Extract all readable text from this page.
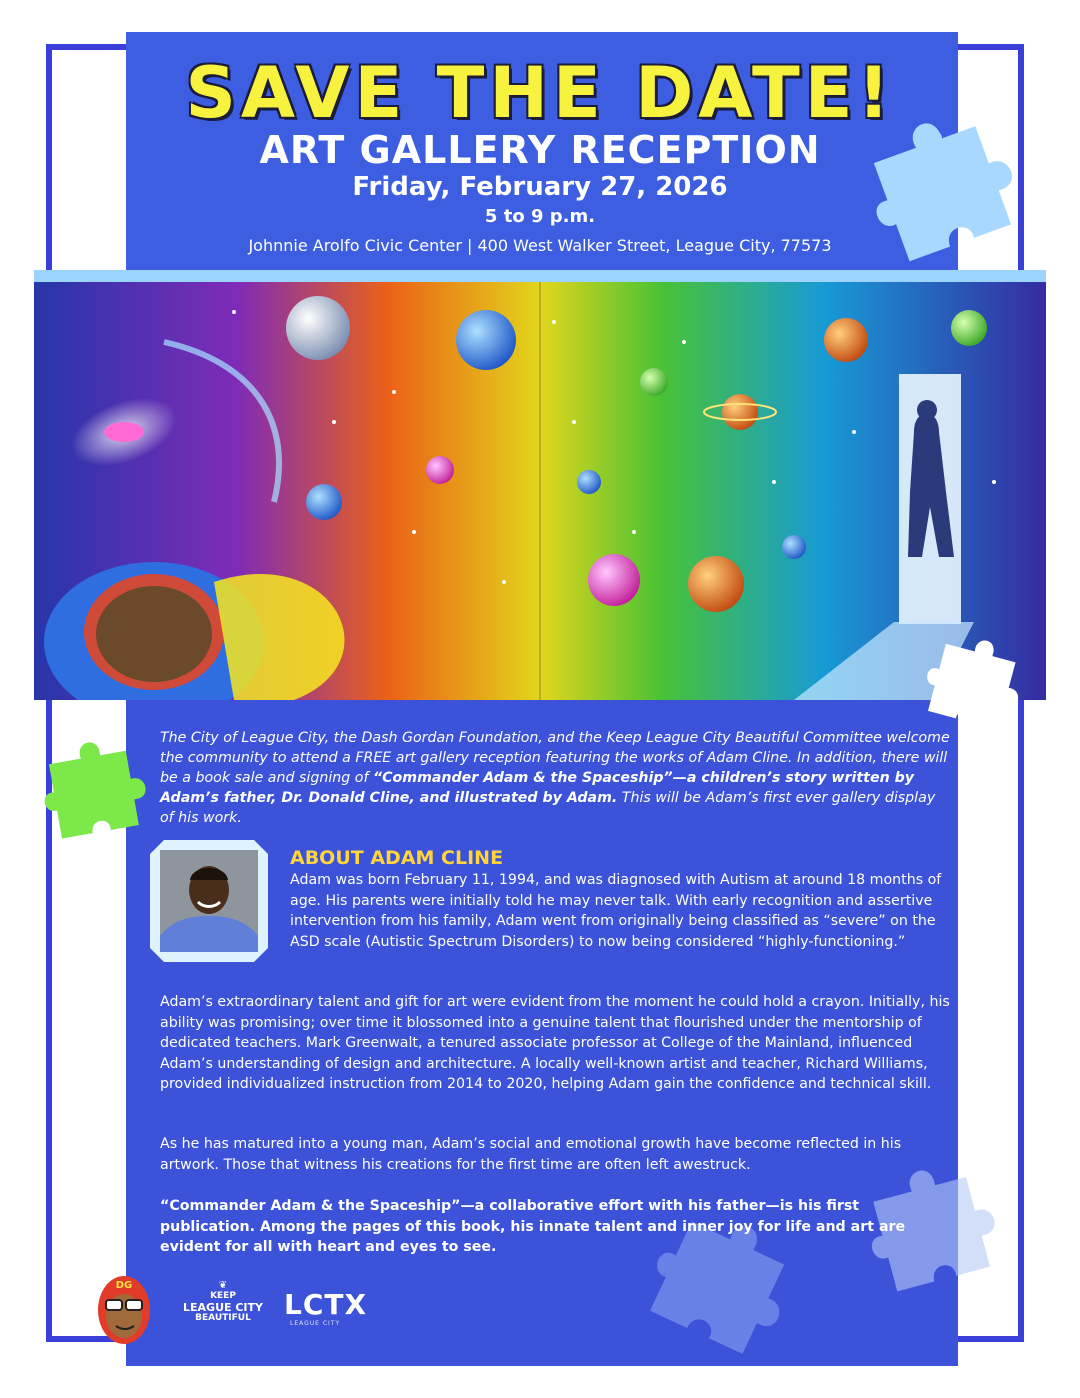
SAVE THE DATE!
ART GALLERY RECEPTION
Friday, February 27, 2026
5 to 9 p.m.
Johnnie Arolfo Civic Center | 400 West Walker Street, League City, 77573
The City of League City, the Dash Gordan Foundation, and the Keep League City Beautiful Committee welcome the community to attend a FREE art gallery reception featuring the works of Adam Cline. In addition, there will be a book sale and signing of “Commander Adam & the Spaceship”—a children’s story written by Adam’s father, Dr. Donald Cline, and illustrated by Adam. This will be Adam’s first ever gallery display of his work.
ABOUT ADAM CLINE
Adam was born February 11, 1994, and was diagnosed with Autism at around 18 months of age. His parents were initially told he may never talk. With early recognition and assertive intervention from his family, Adam went from originally being classified as “severe” on the ASD scale (Autistic Spectrum Disorders) to now being considered “highly-functioning.”
Adam’s extraordinary talent and gift for art were evident from the moment he could hold a crayon. Initially, his ability was promising; over time it blossomed into a genuine talent that flourished under the mentorship of dedicated teachers. Mark Greenwalt, a tenured associate professor at College of the Mainland, influenced Adam’s understanding of design and architecture. A locally well-known artist and teacher, Richard Williams, provided individualized instruction from 2014 to 2020, helping Adam gain the confidence and technical skill.
As he has matured into a young man, Adam’s social and emotional growth have become reflected in his artwork. Those that witness his creations for the first time are often left awestruck.
“Commander Adam & the Spaceship”—a collaborative effort with his father—is his first publication. Among the pages of this book, his innate talent and inner joy for life and art are evident for all with heart and eyes to see.
DG	❦
KEEP
LEAGUE CITY
BEAUTIFUL	LCTX
LEAGUE CITY
